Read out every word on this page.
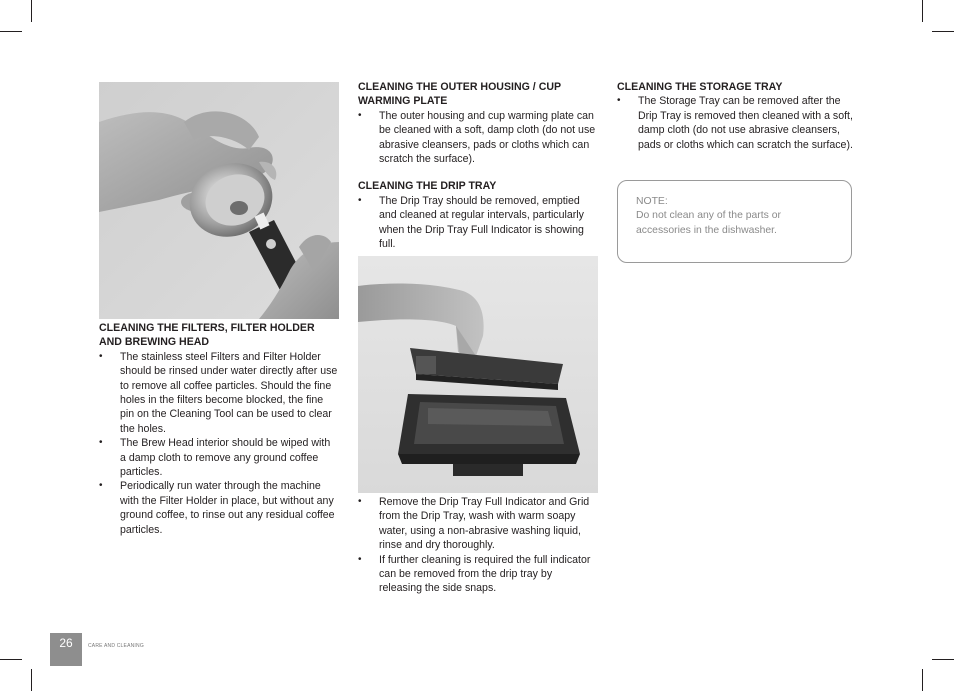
CLEANING THE FILTERS, FILTER HOLDER AND BREWING HEAD
• The stainless steel Filters and Filter Holder should be rinsed under water directly after use to remove all coffee particles. Should the fine holes in the filters become blocked, the fine pin on the Cleaning Tool can be used to clear the holes.
• The Brew Head interior should be wiped with a damp cloth to remove any ground coffee particles.
• Periodically run water through the machine with the Filter Holder in place, but without any ground coffee, to rinse out any residual coffee particles.
CLEANING THE OUTER HOUSING / CUP WARMING PLATE
• The outer housing and cup warming plate can be cleaned with a soft, damp cloth (do not use abrasive cleansers, pads or cloths which can scratch the surface).
CLEANING THE DRIP TRAY
• The Drip Tray should be removed, emptied and cleaned at regular intervals, particularly when the Drip Tray Full Indicator is showing full.
• Remove the Drip Tray Full Indicator and Grid from the Drip Tray, wash with warm soapy water, using a non-abrasive washing liquid, rinse and dry thoroughly.
• If further cleaning is required the full indicator can be removed from the drip tray by releasing the side snaps.
CLEANING THE STORAGE TRAY
• The Storage Tray can be removed after the Drip Tray is removed then cleaned with a soft, damp cloth (do not use abrasive cleansers, pads or cloths which can scratch the surface).
NOTE:
Do not clean any of the parts or accessories in the dishwasher.
26	CARE AND CLEANING
